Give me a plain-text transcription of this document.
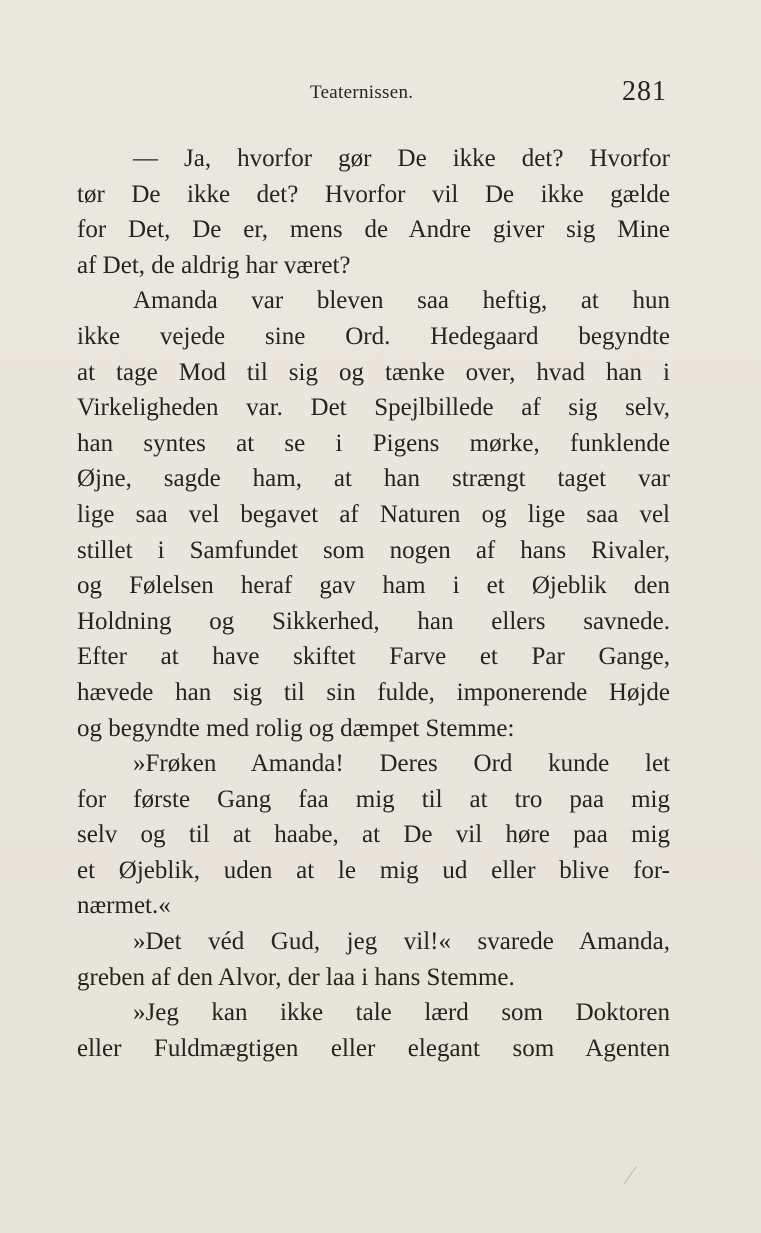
Teaternissen.	281
— Ja, hvorfor gør De ikke det? Hvorfor
tør De ikke det? Hvorfor vil De ikke gælde
for Det, De er, mens de Andre giver sig Mine
af Det, de aldrig har været?
Amanda var bleven saa heftig, at hun
ikke vejede sine Ord. Hedegaard begyndte
at tage Mod til sig og tænke over, hvad han i
Virkeligheden var. Det Spejlbillede af sig selv,
han syntes at se i Pigens mørke, funklende
Øjne, sagde ham, at han strængt taget var
lige saa vel begavet af Naturen og lige saa vel
stillet i Samfundet som nogen af hans Rivaler,
og Følelsen heraf gav ham i et Øjeblik den
Holdning og Sikkerhed, han ellers savnede.
Efter at have skiftet Farve et Par Gange,
hævede han sig til sin fulde, imponerende Højde
og begyndte med rolig og dæmpet Stemme:
»Frøken Amanda! Deres Ord kunde let
for første Gang faa mig til at tro paa mig
selv og til at haabe, at De vil høre paa mig
et Øjeblik, uden at le mig ud eller blive for-
nærmet.«
»Det véd Gud, jeg vil!« svarede Amanda,
greben af den Alvor, der laa i hans Stemme.
»Jeg kan ikke tale lærd som Doktoren
eller Fuldmægtigen eller elegant som Agenten
